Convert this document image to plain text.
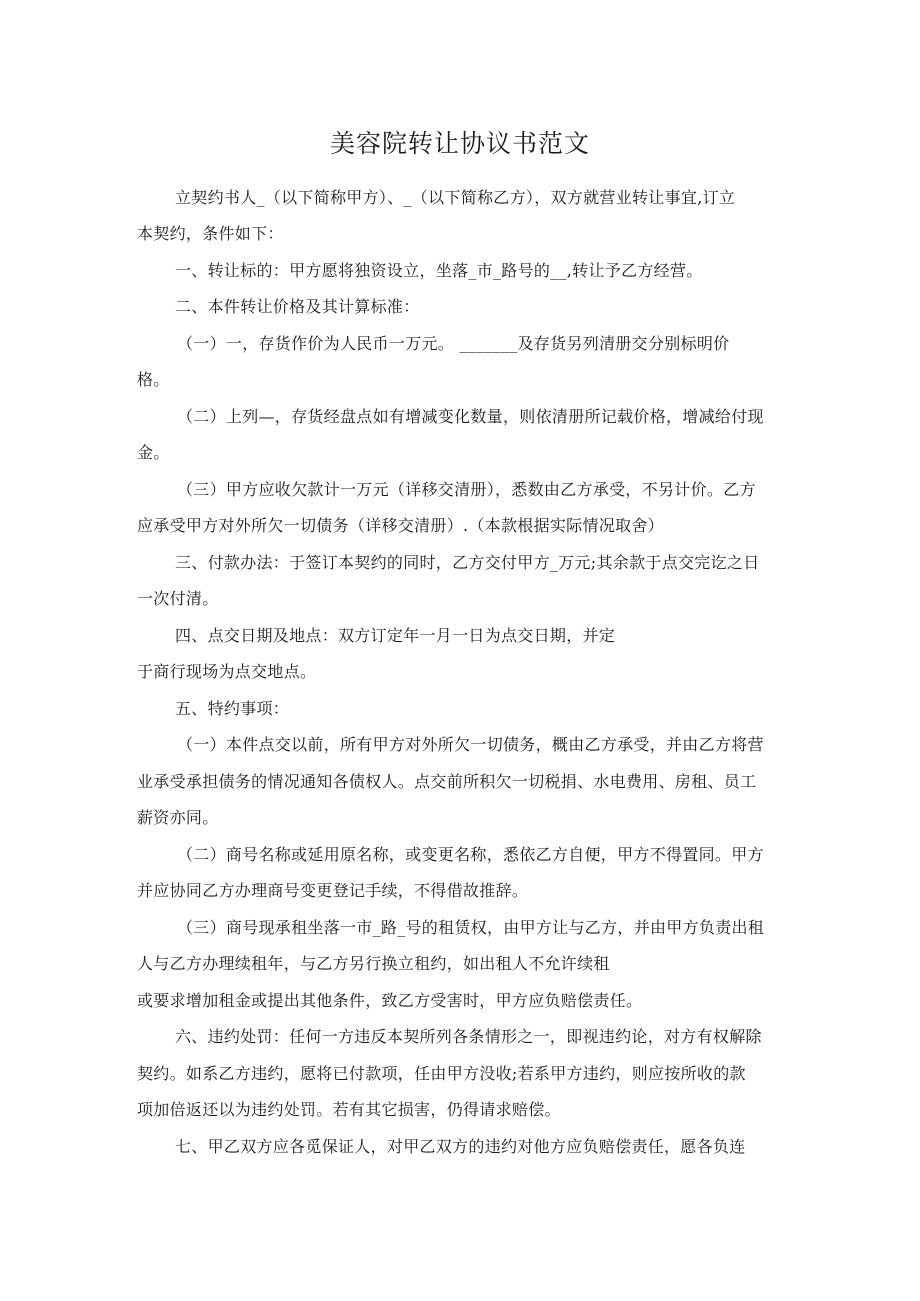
美容院转让协议书范文
立契约书人_（以下简称甲方）、_（以下简称乙方），双方就营业转让事宜,订立
本契约，条件如下：
一、转让标的：甲方愿将独资设立，坐落_市_路号的__,转让予乙方经营。
二、本件转让价格及其计算标准：
（一）一，存货作价为人民币一万元。 _______及存货另列清册交分别标明价
格。
（二）上列—，存货经盘点如有增减变化数量，则依清册所记载价格，增减给付现
金。
（三）甲方应收欠款计一万元（详移交清册），悉数由乙方承受，不另计价。乙方
应承受甲方对外所欠一切债务（详移交清册）.（本款根据实际情况取舍）
三、付款办法：于签订本契约的同时，乙方交付甲方_万元;其余款于点交完讫之日
一次付清。
四、点交日期及地点：双方订定年一月一日为点交日期，并定
于商行现场为点交地点。
五、特约事项：
（一）本件点交以前，所有甲方对外所欠一切债务，概由乙方承受，并由乙方将营
业承受承担债务的情况通知各债权人。点交前所积欠一切税捐、水电费用、房租、员工
薪资亦同。
（二）商号名称或延用原名称，或变更名称，悉依乙方自便，甲方不得置同。甲方
并应协同乙方办理商号变更登记手续，不得借故推辞。
（三）商号现承租坐落一市_路_号的租赁权，由甲方让与乙方，并由甲方负责出租
人与乙方办理续租年，与乙方另行换立租约，如出租人不允许续租
或要求增加租金或提出其他条件，致乙方受害时，甲方应负赔偿责任。
六、违约处罚：任何一方违反本契所列各条情形之一，即视违约论，对方有权解除
契约。如系乙方违约，愿将已付款项，任由甲方没收;若系甲方违约，则应按所收的款
项加倍返还以为违约处罚。若有其它损害，仍得请求赔偿。
七、甲乙双方应各觅保证人，对甲乙双方的违约对他方应负赔偿责任，愿各负连
